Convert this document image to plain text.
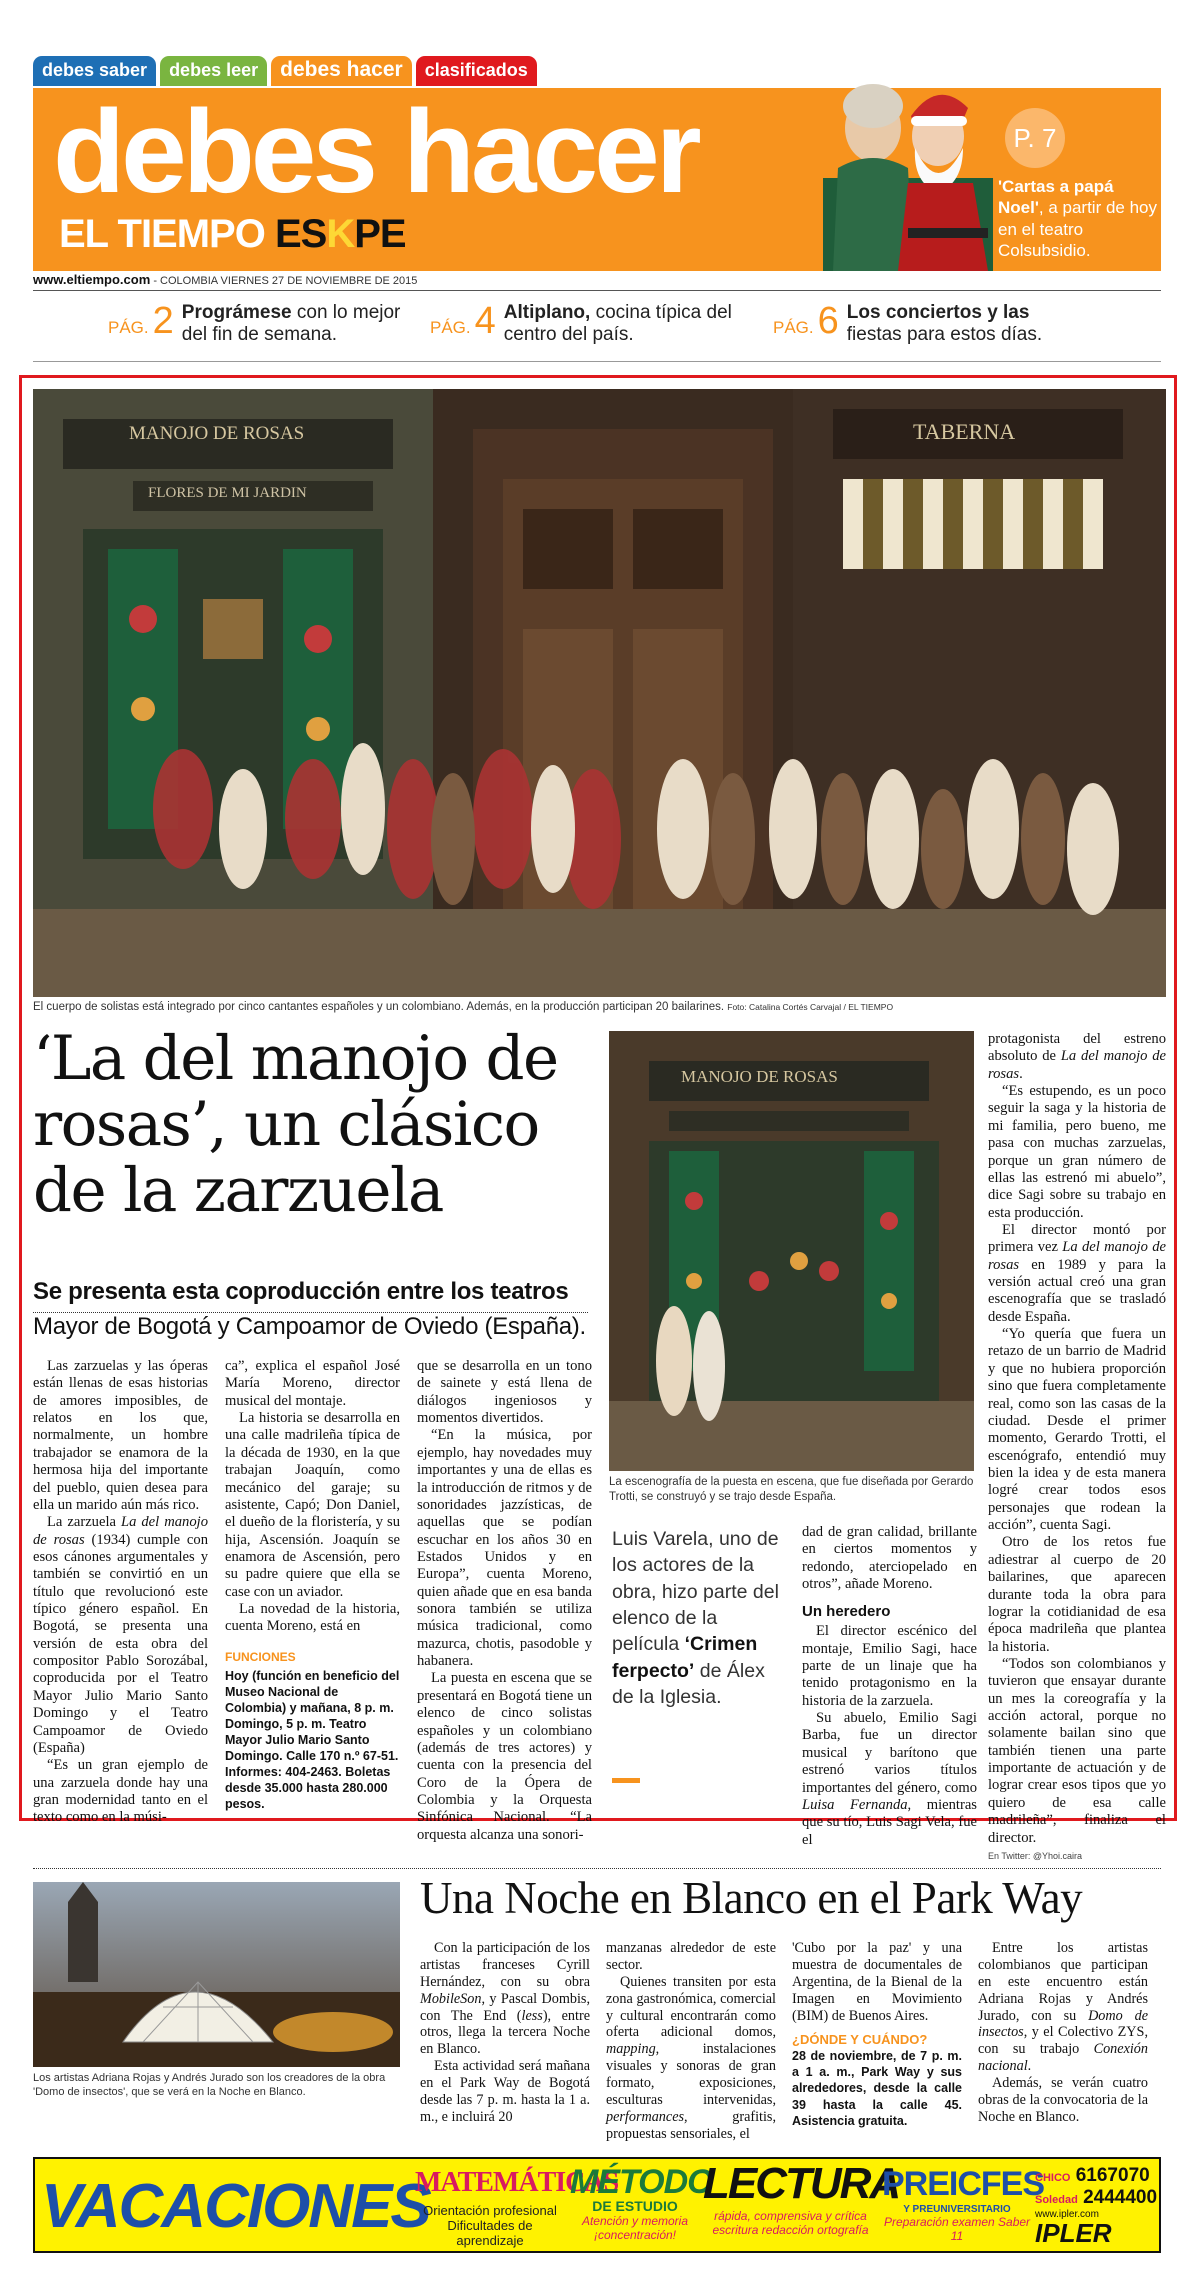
debes saber	debes leer	debes hacer	clasificados
debes hacer
EL TIEMPO ESKPE
P. 7
'Cartas a papá Noel', a partir de hoy en el teatro Colsubsidio.
www.eltiempo.com - COLOMBIA VIERNES 27 DE NOVIEMBRE DE 2015
PÁG. 2 Prográmese con lo mejor del fin de semana.	PÁG. 4 Altiplano, cocina típica del centro del país.	PÁG. 6 Los conciertos y las fiestas para estos días.
MANOJO DE ROSAS
FLORES DE MI JARDIN
TABERNA
El cuerpo de solistas está integrado por cinco cantantes españoles y un colombiano. Además, en la producción participan 20 bailarines. Foto: Catalina Cortés Carvajal / EL TIEMPO
‘La del manojo de rosas’, un clásico de la zarzuela
Se presenta esta coproducción entre los teatros
Mayor de Bogotá y Campoamor de Oviedo (España).
MANOJO DE ROSAS
La escenografía de la puesta en escena, que fue diseñada por Gerardo Trotti, se construyó y se trajo desde España.
Luis Varela, uno de los actores de la obra, hizo parte del elenco de la película ‘Crimen ferpecto’ de Álex de la Iglesia.

Las zarzuelas y las óperas están llenas de esas historias de amores imposibles, de relatos en los que, normalmente, un hombre trabajador se enamora de la hermosa hija del importante del pueblo, quien desea para ella un marido aún más rico.

La zarzuela La del manojo de rosas (1934) cumple con esos cánones argumentales y también se convirtió en un título que revolucionó este típico género español. En Bogotá, se presenta una versión de esta obra del compositor Pablo Sorozábal, coproducida por el Teatro Mayor Julio Mario Santo Domingo y el Teatro Campoamor de Oviedo (España)

“Es un gran ejemplo de una zarzuela donde hay una gran modernidad tanto en el texto como en la músi-

ca”, explica el español José María Moreno, director musical del montaje.

La historia se desarrolla en una calle madrileña típica de la década de 1930, en la que trabajan Joaquín, como mecánico del garaje; su asistente, Capó; Don Daniel, el dueño de la floristería, y su hija, Ascensión. Joaquín se enamora de Ascensión, pero su padre quiere que ella se case con un aviador.

La novedad de la historia, cuenta Moreno, está en

FUNCIONES
Hoy (función en beneficio del Museo Nacional de Colombia) y mañana, 8 p. m. Domingo, 5 p. m. Teatro Mayor Julio Mario Santo Domingo. Calle 170 n.º 67-51. Informes: 404-2463. Boletas desde 35.000 hasta 280.000 pesos.

que se desarrolla en un tono de sainete y está llena de diálogos ingeniosos y momentos divertidos.

“En la música, por ejemplo, hay novedades muy importantes y una de ellas es la introducción de ritmos y de sonoridades jazzísticas, de aquellas que se podían escuchar en los años 30 en Estados Unidos y en Europa”, cuenta Moreno, quien añade que en esa banda sonora también se utiliza música tradicional, como mazurca, chotis, pasodoble y habanera.

La puesta en escena que se presentará en Bogotá tiene un elenco de cinco solistas españoles y un colombiano (además de tres actores) y cuenta con la presencia del Coro de la Ópera de Colombia y la Orquesta Sinfónica Nacional. “La orquesta alcanza una sonori-

dad de gran calidad, brillante en ciertos momentos y redondo, aterciopelado en otros”, añade Moreno.

Un heredero

El director escénico del montaje, Emilio Sagi, hace parte de un linaje que ha tenido protagonismo en la historia de la zarzuela.

Su abuelo, Emilio Sagi Barba, fue un director musical y barítono que estrenó varios títulos importantes del género, como Luisa Fernanda, mientras que su tío, Luis Sagi Vela, fue el

protagonista del estreno absoluto de La del manojo de rosas.

“Es estupendo, es un poco seguir la saga y la historia de mi familia, pero bueno, me pasa con muchas zarzuelas, porque un gran número de ellas las estrenó mi abuelo”, dice Sagi sobre su trabajo en esta producción.

El director montó por primera vez La del manojo de rosas en 1989 y para la versión actual creó una gran escenografía que se trasladó desde España.

“Yo quería que fuera un retazo de un barrio de Madrid y que no hubiera proporción sino que fuera completamente real, como son las casas de la ciudad. Desde el primer momento, Gerardo Trotti, el escenógrafo, entendió muy bien la idea y de esta manera logré crear todos esos personajes que rodean la acción”, cuenta Sagi.

Otro de los retos fue adiestrar al cuerpo de 20 bailarines, que aparecen durante toda la obra para lograr la cotidianidad de esa época madrileña que plantea la historia.

“Todos son colombianos y tuvieron que ensayar durante un mes la coreografía y la acción actoral, porque no solamente bailan sino que también tienen una parte importante de actuación y de lograr crear esos tipos que yo quiero de esa calle madrileña”, finaliza el director.

En Twitter: @Yhoi.caira
Los artistas Adriana Rojas y Andrés Jurado son los creadores de la obra 'Domo de insectos', que se verá en la Noche en Blanco.
Una Noche en Blanco en el Park Way

Con la participación de los artistas franceses Cyrill Hernández, con su obra MobileSon, y Pascal Dombis, con The End (less), entre otros, llega la tercera Noche en Blanco.

Esta actividad será mañana en el Park Way de Bogotá desde las 7 p. m. hasta la 1 a. m., e incluirá 20

manzanas alrededor de este sector.

Quienes transiten por esta zona gastronómica, comercial y cultural encontrarán como oferta adicional domos, mapping, instalaciones visuales y sonoras de gran formato, exposiciones, esculturas intervenidas, performances, grafitis, propuestas sensoriales, el

'Cubo por la paz' y una muestra de documentales de Argentina, de la Bienal de la Imagen en Movimiento (BIM) de Buenos Aires.

¿DÓNDE Y CUÁNDO?
28 de noviembre, de 7 p. m. a 1 a. m., Park Way y sus alrededores, desde la calle 39 hasta la calle 45. Asistencia gratuita.

Entre los artistas colombianos que participan en este encuentro están Adriana Rojas y Andrés Jurado, con su Domo de insectos, y el Colectivo ZYS, con su trabajo Conexión nacional.

Además, se verán cuatro obras de la convocatoria de la Noche en Blanco.

VACACIONES
MATEMÁTICAS
Orientación profesional
Dificultades de aprendizaje
MÉTODO
DE ESTUDIO
Atención y memoria
¡concentración!
LECTURA
rápida, comprensiva y crítica
escritura redacción ortografía
PREICFES
Y PREUNIVERSITARIO
Preparación examen Saber 11
CHICO 6167070
Soledad 2444400
www.ipler.com
IPLER
